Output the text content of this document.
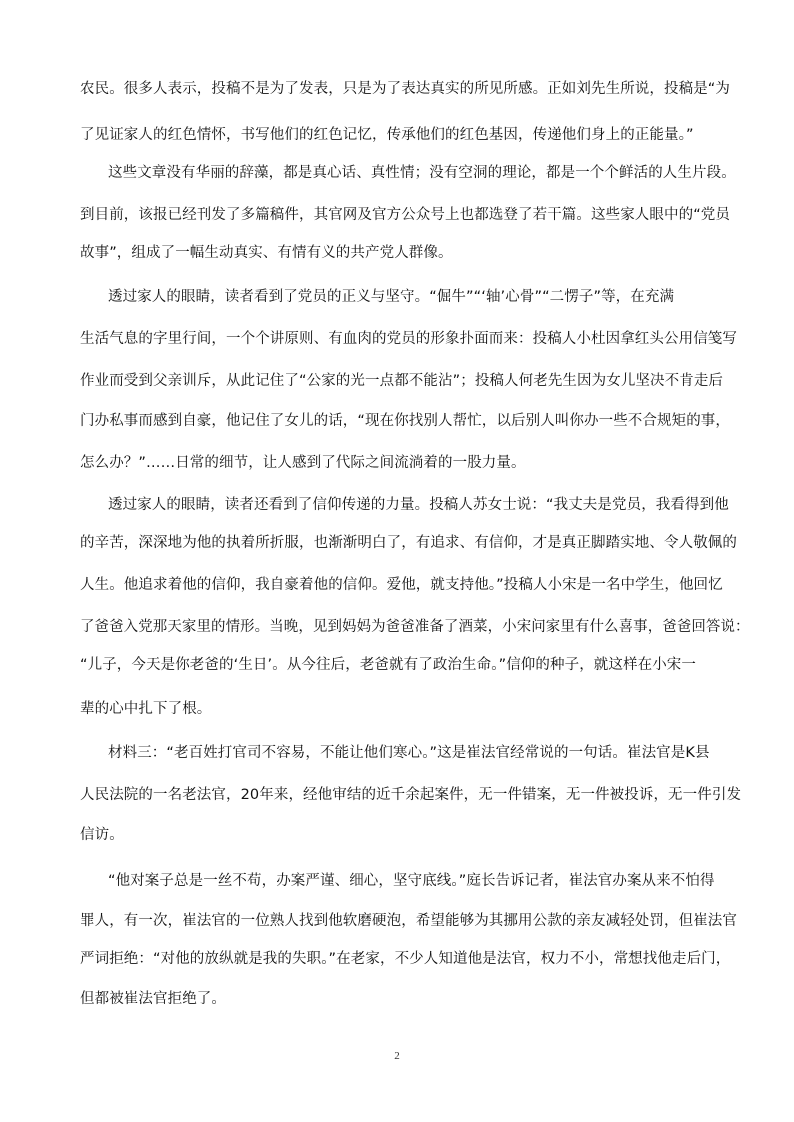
农民。很多人表示，投稿不是为了发表，只是为了表达真实的所见所感。正如刘先生所说，投稿是“为

了见证家人的红色情怀，书写他们的红色记忆，传承他们的红色基因，传递他们身上的正能量。”

这些文章没有华丽的辞藻，都是真心话、真性情；没有空洞的理论，都是一个个鲜活的人生片段。

到目前，该报已经刊发了多篇稿件，其官网及官方公众号上也都选登了若干篇。这些家人眼中的“党员

故事”，组成了一幅生动真实、有情有义的共产党人群像。

透过家人的眼睛，读者看到了党员的正义与坚守。“倔牛”“‘轴’心骨”“二愣子”等，在充满

生活气息的字里行间，一个个讲原则、有血肉的党员的形象扑面而来：投稿人小杜因拿红头公用信笺写

作业而受到父亲训斥，从此记住了“公家的光一点都不能沾”；投稿人何老先生因为女儿坚决不肯走后

门办私事而感到自豪，他记住了女儿的话，“现在你找别人帮忙，以后别人叫你办一些不合规矩的事，

怎么办？”……日常的细节，让人感到了代际之间流淌着的一股力量。

透过家人的眼睛，读者还看到了信仰传递的力量。投稿人苏女士说：“我丈夫是党员，我看得到他

的辛苦，深深地为他的执着所折服，也渐渐明白了，有追求、有信仰，才是真正脚踏实地、令人敬佩的

人生。他追求着他的信仰，我自豪着他的信仰。爱他，就支持他。”投稿人小宋是一名中学生，他回忆

了爸爸入党那天家里的情形。当晚，见到妈妈为爸爸准备了酒菜，小宋问家里有什么喜事，爸爸回答说：

“儿子，今天是你老爸的‘生日’。从今往后，老爸就有了政治生命。”信仰的种子，就这样在小宋一

辈的心中扎下了根。

材料三：“老百姓打官司不容易，不能让他们寒心。”这是崔法官经常说的一句话。崔法官是K县

人民法院的一名老法官，20年来，经他审结的近千余起案件，无一件错案，无一件被投诉，无一件引发

信访。

“他对案子总是一丝不苟，办案严谨、细心，坚守底线。”庭长告诉记者，崔法官办案从来不怕得

罪人，有一次，崔法官的一位熟人找到他软磨硬泡，希望能够为其挪用公款的亲友减轻处罚，但崔法官

严词拒绝：“对他的放纵就是我的失职。”在老家，不少人知道他是法官，权力不小，常想找他走后门，

但都被崔法官拒绝了。

2
